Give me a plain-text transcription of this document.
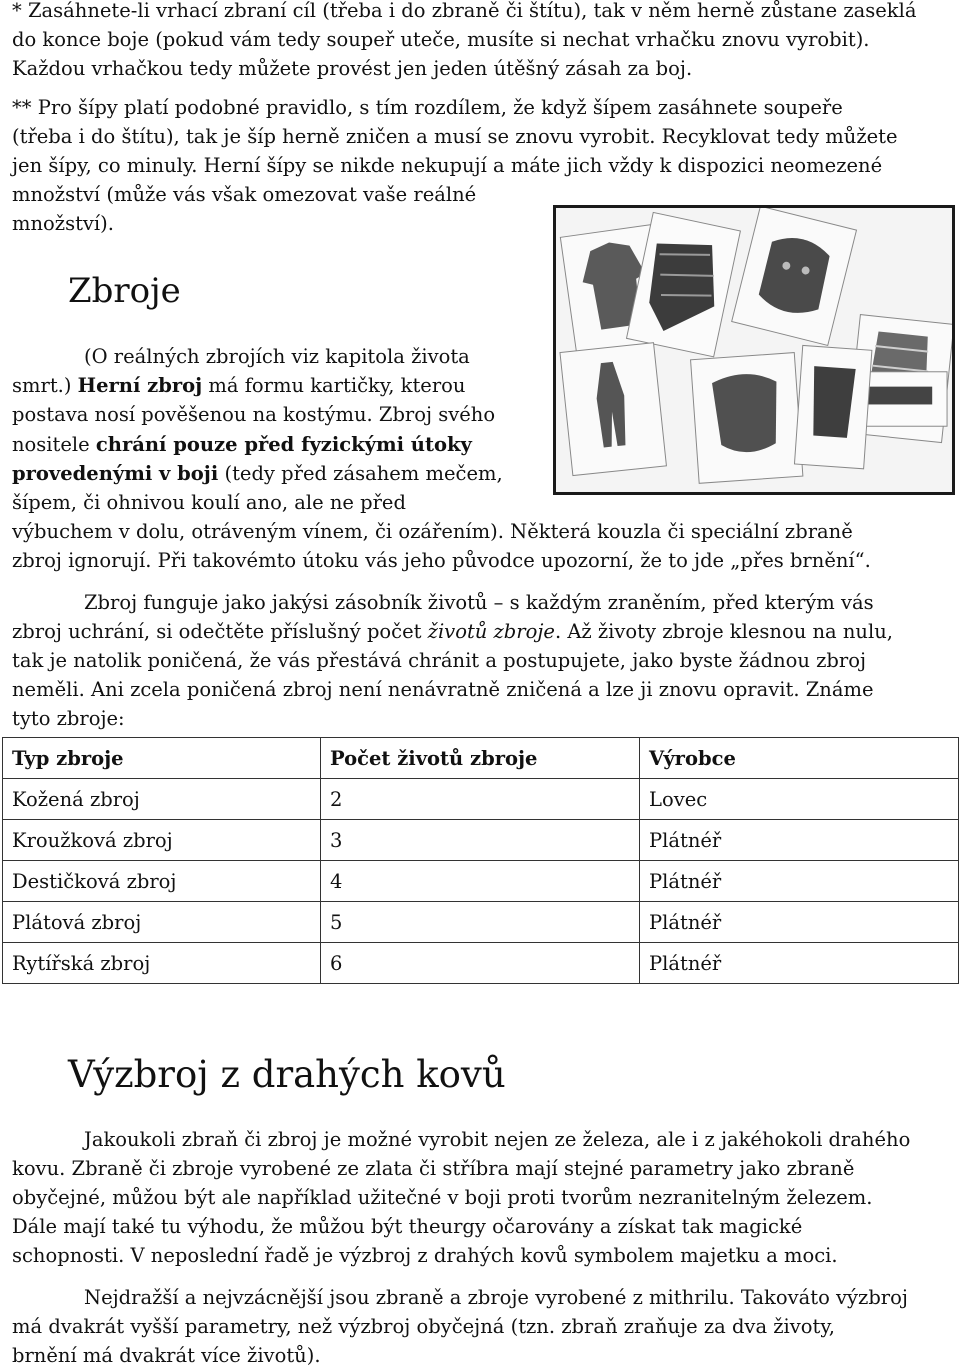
* Zasáhnete-li vrhací zbraní cíl (třeba i do zbraně či štítu), tak v něm herně zůstane zaseklá
do konce boje (pokud vám tedy soupeř uteče, musíte si nechat vrhačku znovu vyrobit).
Každou vrhačkou tedy můžete provést jen jeden útěšný zásah za boj.
** Pro šípy platí podobné pravidlo, s tím rozdílem, že když šípem zasáhnete soupeře
(třeba i do štítu), tak je šíp herně zničen a musí se znovu vyrobit. Recyklovat tedy můžete
jen šípy, co minuly. Herní šípy se nikde nekupují a máte jich vždy k dispozici neomezené
množství (může vás však omezovat vaše reálné
množství).
Zbroje
(O reálných zbrojích viz kapitola života
smrt.) Herní zbroj má formu kartičky, kterou
postava nosí pověšenou na kostýmu. Zbroj svého
nositele chrání pouze před fyzickými útoky
provedenými v boji (tedy před zásahem mečem,
šípem, či ohnivou koulí ano, ale ne před
výbuchem v dolu, otráveným vínem, či ozářením). Některá kouzla či speciální zbraně
zbroj ignorují. Při takovémto útoku vás jeho původce upozorní, že to jde „přes brnění“.
Zbroj funguje jako jakýsi zásobník životů – s každým zraněním, před kterým vás
zbroj uchrání, si odečtěte příslušný počet životů zbroje. Až životy zbroje klesnou na nulu,
tak je natolik poničená, že vás přestává chránit a postupujete, jako byste žádnou zbroj
neměli. Ani zcela poničená zbroj není nenávratně zničená a lze ji znovu opravit. Známe
tyto zbroje:
Typ zbroje	Počet životů zbroje	Výrobce
Kožená zbroj	2	Lovec
Kroužková zbroj	3	Plátnéř
Destičková zbroj	4	Plátnéř
Plátová zbroj	5	Plátnéř
Rytířská zbroj	6	Plátnéř
Výzbroj z drahých kovů
Jakoukoli zbraň či zbroj je možné vyrobit nejen ze železa, ale i z jakéhokoli drahého
kovu. Zbraně či zbroje vyrobené ze zlata či stříbra mají stejné parametry jako zbraně
obyčejné, můžou být ale například užitečné v boji proti tvorům nezranitelným železem.
Dále mají také tu výhodu, že můžou být theurgy očarovány a získat tak magické
schopnosti. V neposlední řadě je výzbroj z drahých kovů symbolem majetku a moci.
Nejdražší a nejvzácnější jsou zbraně a zbroje vyrobené z mithrilu. Takováto výzbroj
má dvakrát vyšší parametry, než výzbroj obyčejná (tzn. zbraň zraňuje za dva životy,
brnění má dvakrát více životů).
